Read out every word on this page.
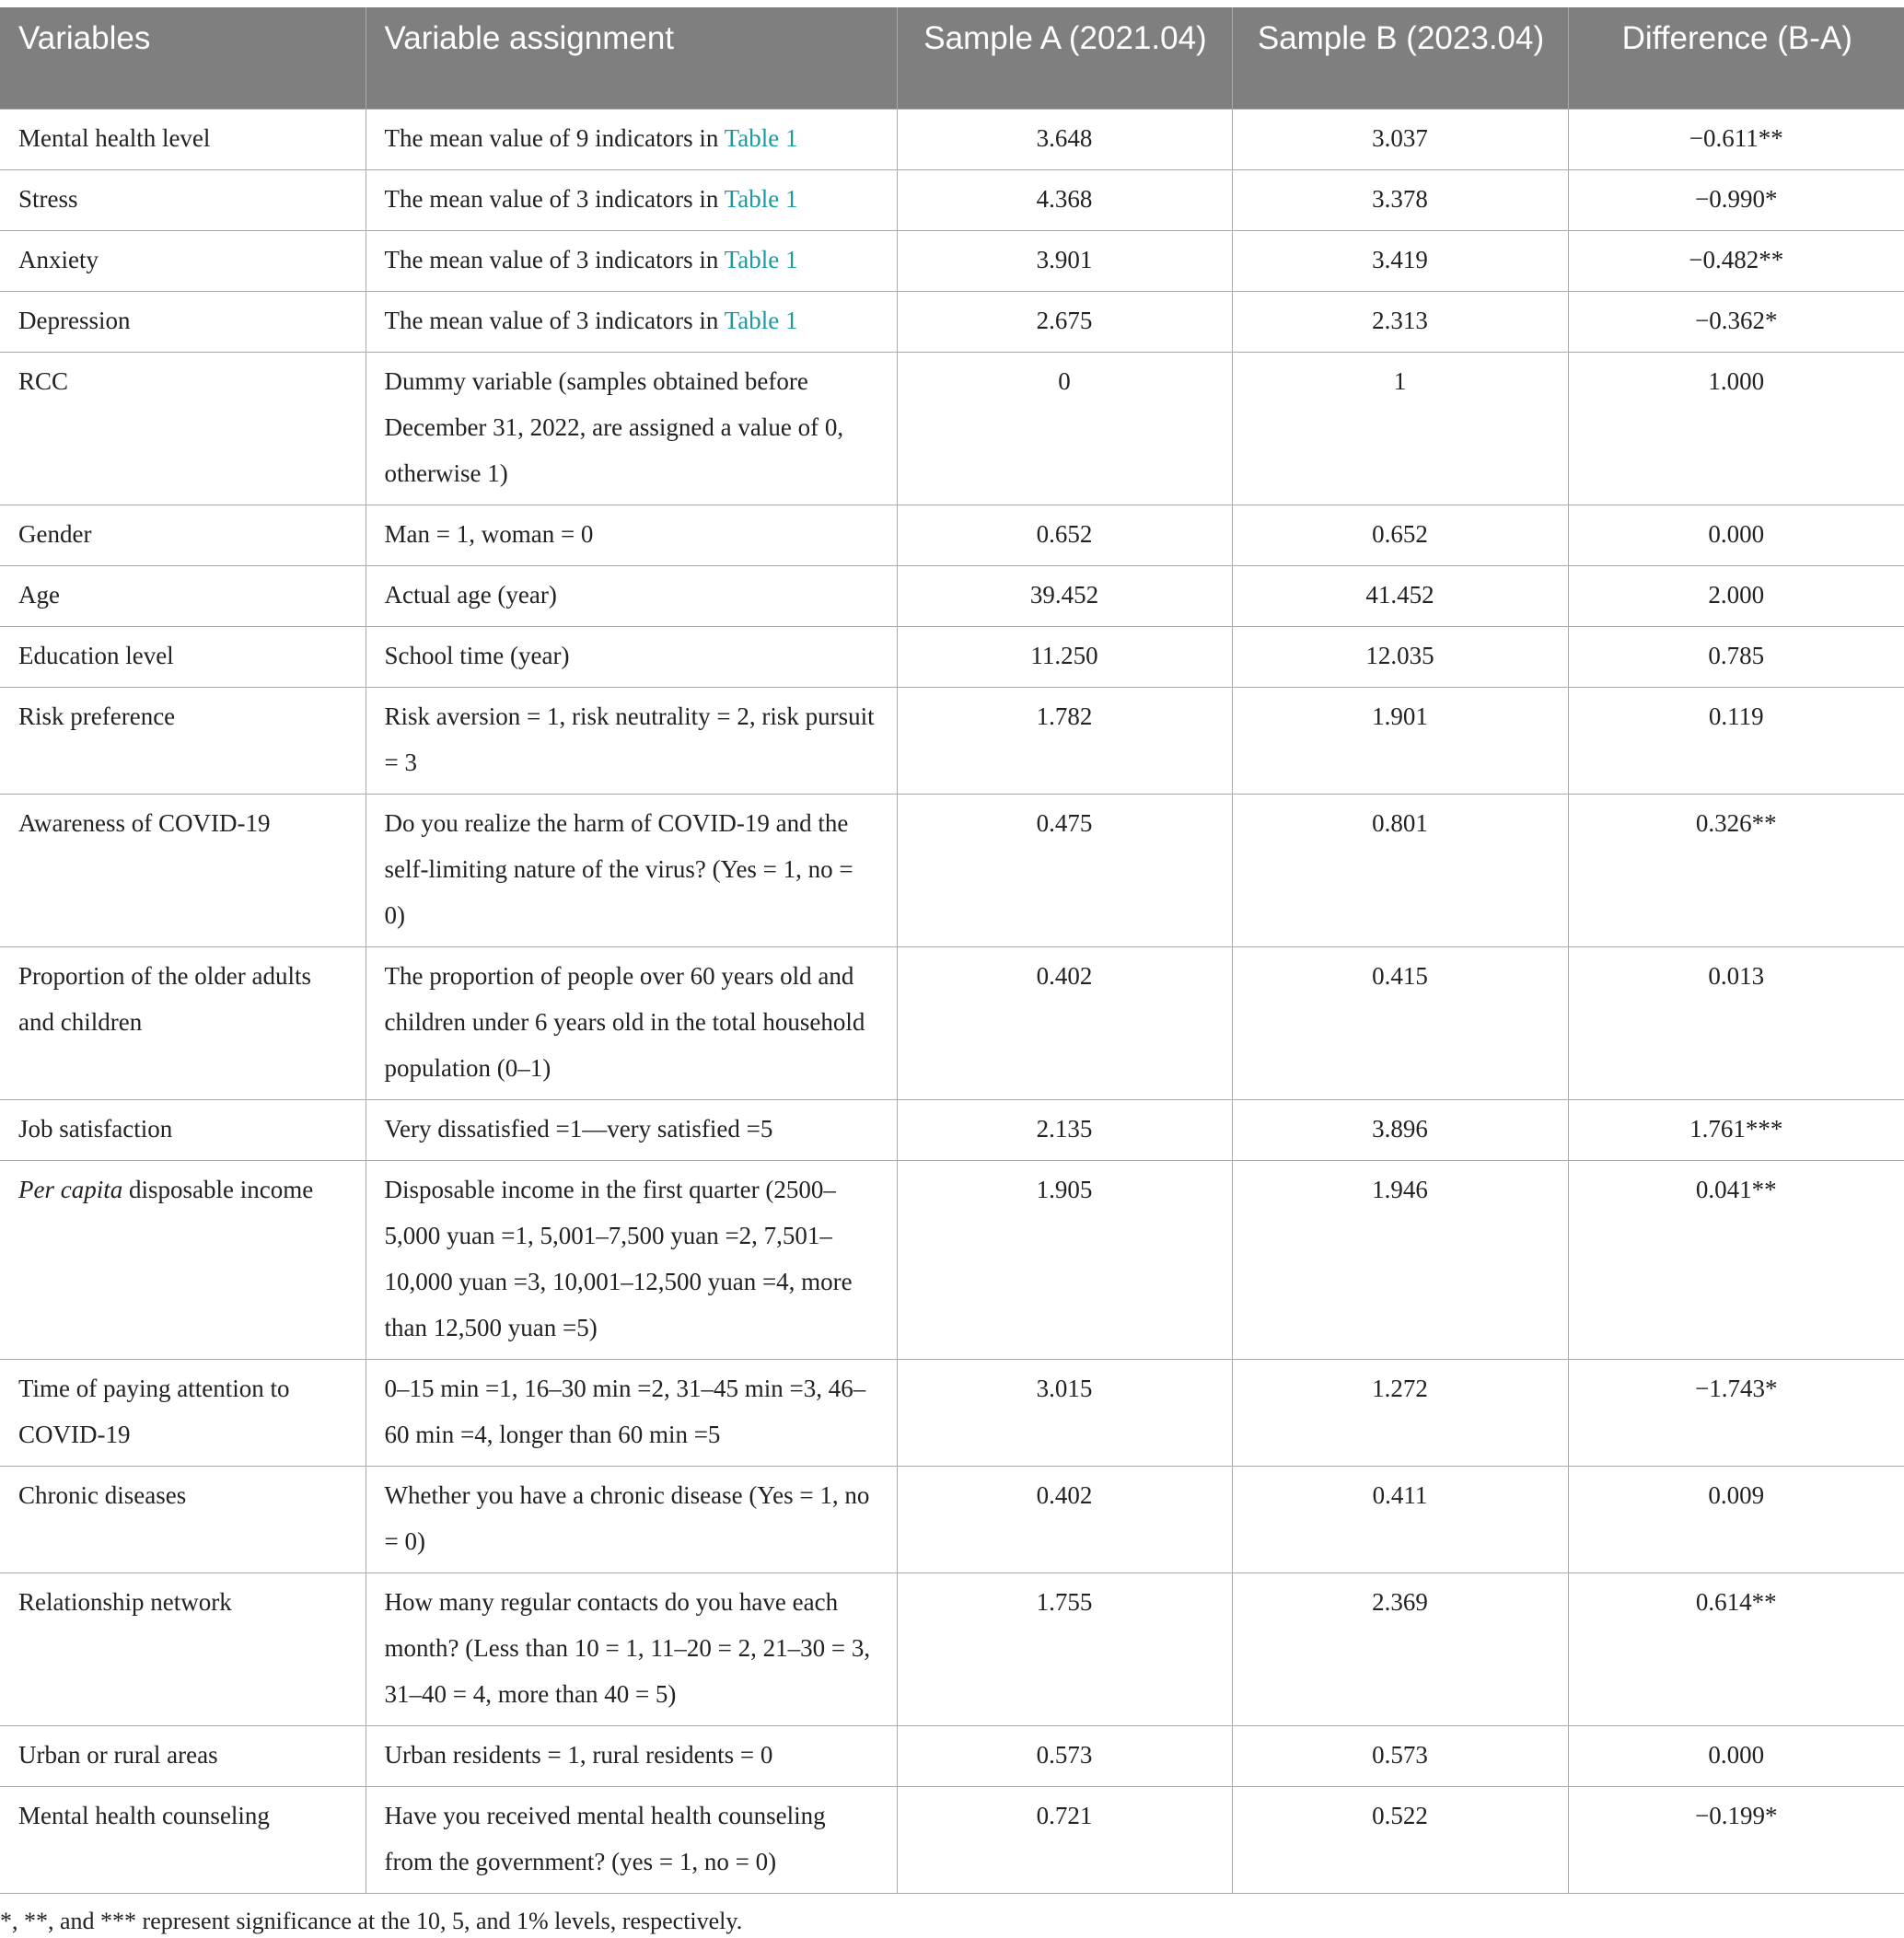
Variables	Variable assignment	Sample A (2021.04)	Sample B (2023.04)	Difference (B-A)
Mental health level	The mean value of 9 indicators in Table 1	3.648	3.037	−0.611**
Stress	The mean value of 3 indicators in Table 1	4.368	3.378	−0.990*
Anxiety	The mean value of 3 indicators in Table 1	3.901	3.419	−0.482**
Depression	The mean value of 3 indicators in Table 1	2.675	2.313	−0.362*
RCC	Dummy variable (samples obtained before December 31, 2022, are assigned a value of 0, otherwise 1)	0	1	1.000
Gender	Man = 1, woman = 0	0.652	0.652	0.000
Age	Actual age (year)	39.452	41.452	2.000
Education level	School time (year)	11.250	12.035	0.785
Risk preference	Risk aversion = 1, risk neutrality = 2, risk pursuit = 3	1.782	1.901	0.119
Awareness of COVID-19	Do you realize the harm of COVID-19 and the self-limiting nature of the virus? (Yes = 1, no = 0)	0.475	0.801	0.326**
Proportion of the older adults and children	The proportion of people over 60 years old and children under 6 years old in the total household population (0–1)	0.402	0.415	0.013
Job satisfaction	Very dissatisfied =1—very satisfied =5	2.135	3.896	1.761***
Per capita disposable income	Disposable income in the first quarter (2500–5,000 yuan =1, 5,001–7,500 yuan =2, 7,501–10,000 yuan =3, 10,001–12,500 yuan =4, more than 12,500 yuan =5)	1.905	1.946	0.041**
Time of paying attention to COVID-19	0–15 min =1, 16–30 min =2, 31–45 min =3, 46–60 min =4, longer than 60 min =5	3.015	1.272	−1.743*
Chronic diseases	Whether you have a chronic disease (Yes = 1, no = 0)	0.402	0.411	0.009
Relationship network	How many regular contacts do you have each month? (Less than 10 = 1, 11–20 = 2, 21–30 = 3, 31–40 = 4, more than 40 = 5)	1.755	2.369	0.614**
Urban or rural areas	Urban residents = 1, rural residents = 0	0.573	0.573	0.000
Mental health counseling	Have you received mental health counseling from the government? (yes = 1, no = 0)	0.721	0.522	−0.199*
*, **, and *** represent significance at the 10, 5, and 1% levels, respectively.
